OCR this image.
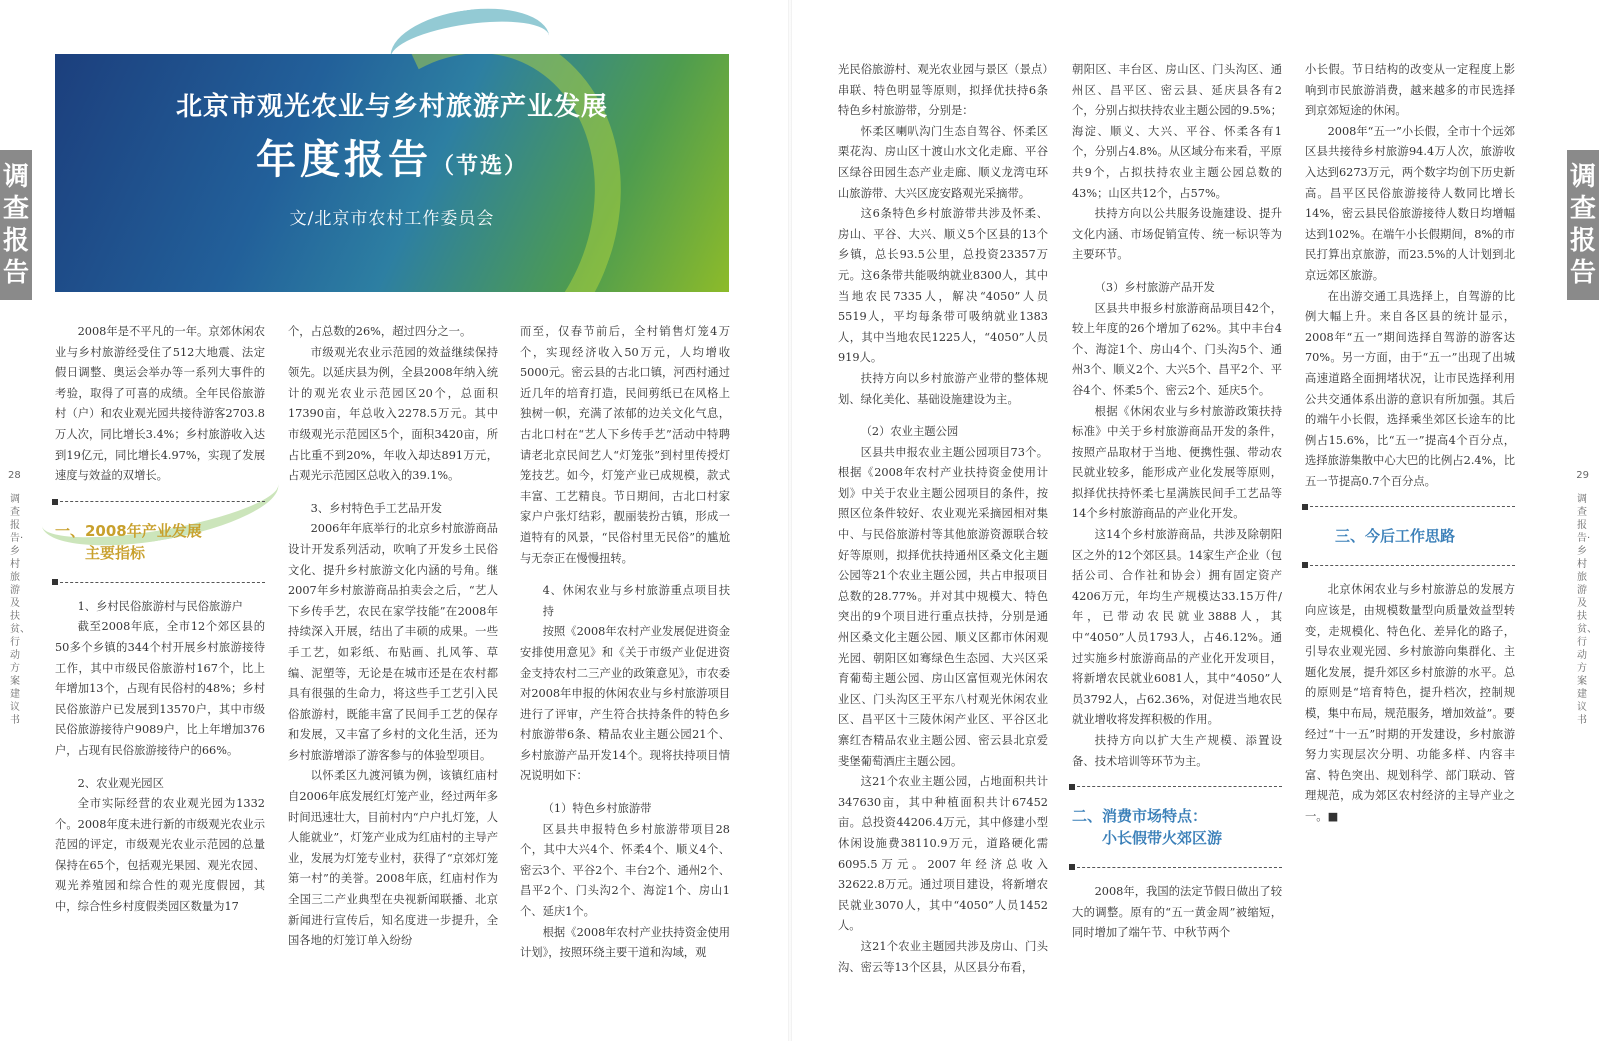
调查报告
28
调查报告·乡村旅游及扶贫、行动方案建议书
北京市观光农业与乡村旅游产业发展
年度报告（节选）
文/北京市农村工作委员会

2008年是不平凡的一年。京郊休闲农业与乡村旅游经受住了512大地震、法定假日调整、奥运会举办等一系列大事件的考验，取得了可喜的成绩。全年民俗旅游村（户）和农业观光园共接待游客2703.8万人次，同比增长3.4%；乡村旅游收入达到19亿元，同比增长4.97%，实现了发展速度与效益的双增长。

一、2008年产业发展
主要指标

1、乡村民俗旅游村与民俗旅游户

截至2008年底，全市12个郊区县的50多个乡镇的344个村开展乡村旅游接待工作，其中市级民俗旅游村167个，比上年增加13个，占现有民俗村的48%；乡村民俗旅游户已发展到13570户，其中市级民俗旅游接待户9089户，比上年增加376户，占现有民俗旅游接待户的66%。

2、农业观光园区

全市实际经营的农业观光园为1332个。2008年度未进行新的市级观光农业示范园的评定，市级观光农业示范园的总量保持在65个，包括观光果园、观光农园、观光养殖园和综合性的观光度假园，其中，综合性乡村度假类园区数量为17

个，占总数的26%，超过四分之一。

市级观光农业示范园的效益继续保持领先。以延庆县为例，全县2008年纳入统计的观光农业示范园区20个，总面积17390亩，年总收入2278.5万元。其中市级观光示范园区5个，面积3420亩，所占比重不到20%，年收入却达891万元，占观光示范园区总收入的39.1%。

3、乡村特色手工艺品开发

2006年年底举行的北京乡村旅游商品设计开发系列活动，吹响了开发乡土民俗文化、提升乡村旅游文化内涵的号角。继2007年乡村旅游商品拍卖会之后，“艺人下乡传手艺，农民在家学技能”在2008年持续深入开展，结出了丰硕的成果。一些手工艺，如彩纸、布贴画、扎风筝、草编、泥塑等，无论是在城市还是在农村都具有很强的生命力，将这些手工艺引入民俗旅游村，既能丰富了民间手工艺的保存和发展，又丰富了乡村的文化生活，还为乡村旅游增添了游客参与的体验型项目。

以怀柔区九渡河镇为例，该镇红庙村自2006年底发展红灯笼产业，经过两年多时间迅速壮大，目前村内“户户扎灯笼，人人能就业”，灯笼产业成为红庙村的主导产业，发展为灯笼专业村，获得了“京郊灯笼第一村”的美誉。2008年底，红庙村作为全国三二产业典型在央视新闻联播、北京新闻进行宣传后，知名度进一步提升，全国各地的灯笼订单入纷纷

而至，仅春节前后，全村销售灯笼4万个，实现经济收入50万元，人均增收5000元。密云县的古北口镇，河西村通过近几年的培育打造，民间剪纸已在风格上独树一帜，充满了浓郁的边关文化气息，古北口村在“艺人下乡传手艺”活动中特聘请老北京民间艺人“灯笼张”到村里传授灯笼技艺。如今，灯笼产业已成规模，款式丰富、工艺精良。节日期间，古北口村家家户户张灯结彩，靓丽装扮古镇，形成一道特有的风景，“民俗村里无民俗”的尴尬与无奈正在慢慢扭转。

4、休闲农业与乡村旅游重点项目扶持

按照《2008年农村产业发展促进资金安排使用意见》和《关于市级产业促进资金支持农村二三产业的政策意见》，市农委对2008年申报的休闲农业与乡村旅游项目进行了评审，产生符合扶持条件的特色乡村旅游带6条、精品农业主题公园21个、乡村旅游产品开发14个。现将扶持项目情况说明如下：

（1）特色乡村旅游带

区县共申报特色乡村旅游带项目28个，其中大兴4个、怀柔4个、顺义4个、密云3个、平谷2个、丰台2个、通州2个、昌平2个、门头沟2个、海淀1个、房山1个、延庆1个。

根据《2008年农村产业扶持资金使用计划》，按照环绕主要干道和沟域，观

调查报告
29
调查报告·乡村旅游及扶贫、行动方案建议书

光民俗旅游村、观光农业园与景区（景点）串联、特色明显等原则，拟择优扶持6条特色乡村旅游带，分别是：

怀柔区喇叭沟门生态自驾谷、怀柔区栗花沟、房山区十渡山水文化走廊、平谷区绿谷田园生态产业走廊、顺义龙湾屯环山旅游带、大兴区庞安路观光采摘带。

这6条特色乡村旅游带共涉及怀柔、房山、平谷、大兴、顺义5个区县的13个乡镇，总长93.5公里，总投资23357万元。这6条带共能吸纳就业8300人，其中当地农民7335人，解决“4050”人员5519人，平均每条带可吸纳就业1383人，其中当地农民1225人，“4050”人员919人。

扶持方向以乡村旅游产业带的整体规划、绿化美化、基础设施建设为主。

（2）农业主题公园

区县共申报农业主题公园项目73个。根据《2008年农村产业扶持资金使用计划》中关于农业主题公园项目的条件，按照区位条件较好、农业观光采摘园相对集中、与民俗旅游村等其他旅游资源联合较好等原则，拟择优扶持通州区桑文化主题公园等21个农业主题公园，共占申报项目总数的28.77%。并对其中规模大、特色突出的9个项目进行重点扶持，分别是通州区桑文化主题公园、顺义区都市休闲观光园、朝阳区如骞绿色生态园、大兴区采育葡萄主题公园、房山区富恒观光休闲农业区、门头沟区王平东八村观光休闲农业区、昌平区十三陵休闲产业区、平谷区北寨红杏精品农业主题公园、密云县北京爱斐堡葡萄酒庄主题公园。

这21个农业主题公园，占地面积共计347630亩，其中种植面积共计67452亩。总投资44206.4万元，其中修建小型休闲设施费38110.9万元，道路硬化需6095.5万元。2007年经济总收入32622.8万元。通过项目建设，将新增农民就业3070人，其中“4050”人员1452人。

这21个农业主题园共涉及房山、门头沟、密云等13个区县，从区县分布看，

朝阳区、丰台区、房山区、门头沟区、通州区、昌平区、密云县、延庆县各有2个，分别占拟扶持农业主题公园的9.5%；海淀、顺义、大兴、平谷、怀柔各有1个，分别占4.8%。从区域分布来看，平原共9个，占拟扶持农业主题公园总数的43%；山区共12个，占57%。

扶持方向以公共服务设施建设、提升文化内涵、市场促销宣传、统一标识等为主要环节。

（3）乡村旅游产品开发

区县共申报乡村旅游商品项目42个，较上年度的26个增加了62%。其中丰台4个、海淀1个、房山4个、门头沟5个、通州3个、顺义2个、大兴5个、昌平2个、平谷4个、怀柔5个、密云2个、延庆5个。

根据《休闲农业与乡村旅游政策扶持标准》中关于乡村旅游商品开发的条件，按照产品取材于当地、便携性强、带动农民就业较多，能形成产业化发展等原则，拟择优扶持怀柔七星满族民间手工艺品等14个乡村旅游商品的产业化开发。

这14个乡村旅游商品，共涉及除朝阳区之外的12个郊区县。14家生产企业（包括公司、合作社和协会）拥有固定资产4206万元，年均生产规模达33.15万件/年，已带动农民就业3888人，其中“4050”人员1793人，占46.12%。通过实施乡村旅游商品的产业化开发项目，将新增农民就业6081人，其中“4050”人员3792人，占62.36%，对促进当地农民就业增收将发挥积极的作用。

扶持方向以扩大生产规模、添置设备、技术培训等环节为主。

二、消费市场特点：
小长假带火郊区游

2008年，我国的法定节假日做出了较大的调整。原有的“五一黄金周”被缩短，同时增加了端午节、中秋节两个

小长假。节日结构的改变从一定程度上影响到市民旅游消费，越来越多的市民选择到京郊短途的休闲。

2008年“五一”小长假，全市十个远郊区县共接待乡村旅游94.4万人次，旅游收入达到6273万元，两个数字均创下历史新高。昌平区民俗旅游接待人数同比增长14%，密云县民俗旅游接待人数日均增幅达到102%。在端午小长假期间，8%的市民打算出京旅游，而23.5%的人计划到北京远郊区旅游。

在出游交通工具选择上，自驾游的比例大幅上升。来自各区县的统计显示，2008年“五一”期间选择自驾游的游客达70%。另一方面，由于“五一”出现了出城高速道路全面拥堵状况，让市民选择利用公共交通体系出游的意识有所加强。其后的端午小长假，选择乘坐郊区长途车的比例占15.6%，比“五一”提高4个百分点，选择旅游集散中心大巴的比例占2.4%，比五一节提高0.7个百分点。

三、今后工作思路

北京休闲农业与乡村旅游总的发展方向应该是，由规模数量型向质量效益型转变，走规模化、特色化、差异化的路子，引导农业观光园、乡村旅游向集群化、主题化发展，提升郊区乡村旅游的水平。总的原则是“培育特色，提升档次，控制规模，集中布局，规范服务，增加效益”。要经过“十一五”时期的开发建设，乡村旅游努力实现层次分明、功能多样、内容丰富、特色突出、规划科学、部门联动、管理规范，成为郊区农村经济的主导产业之一。■
